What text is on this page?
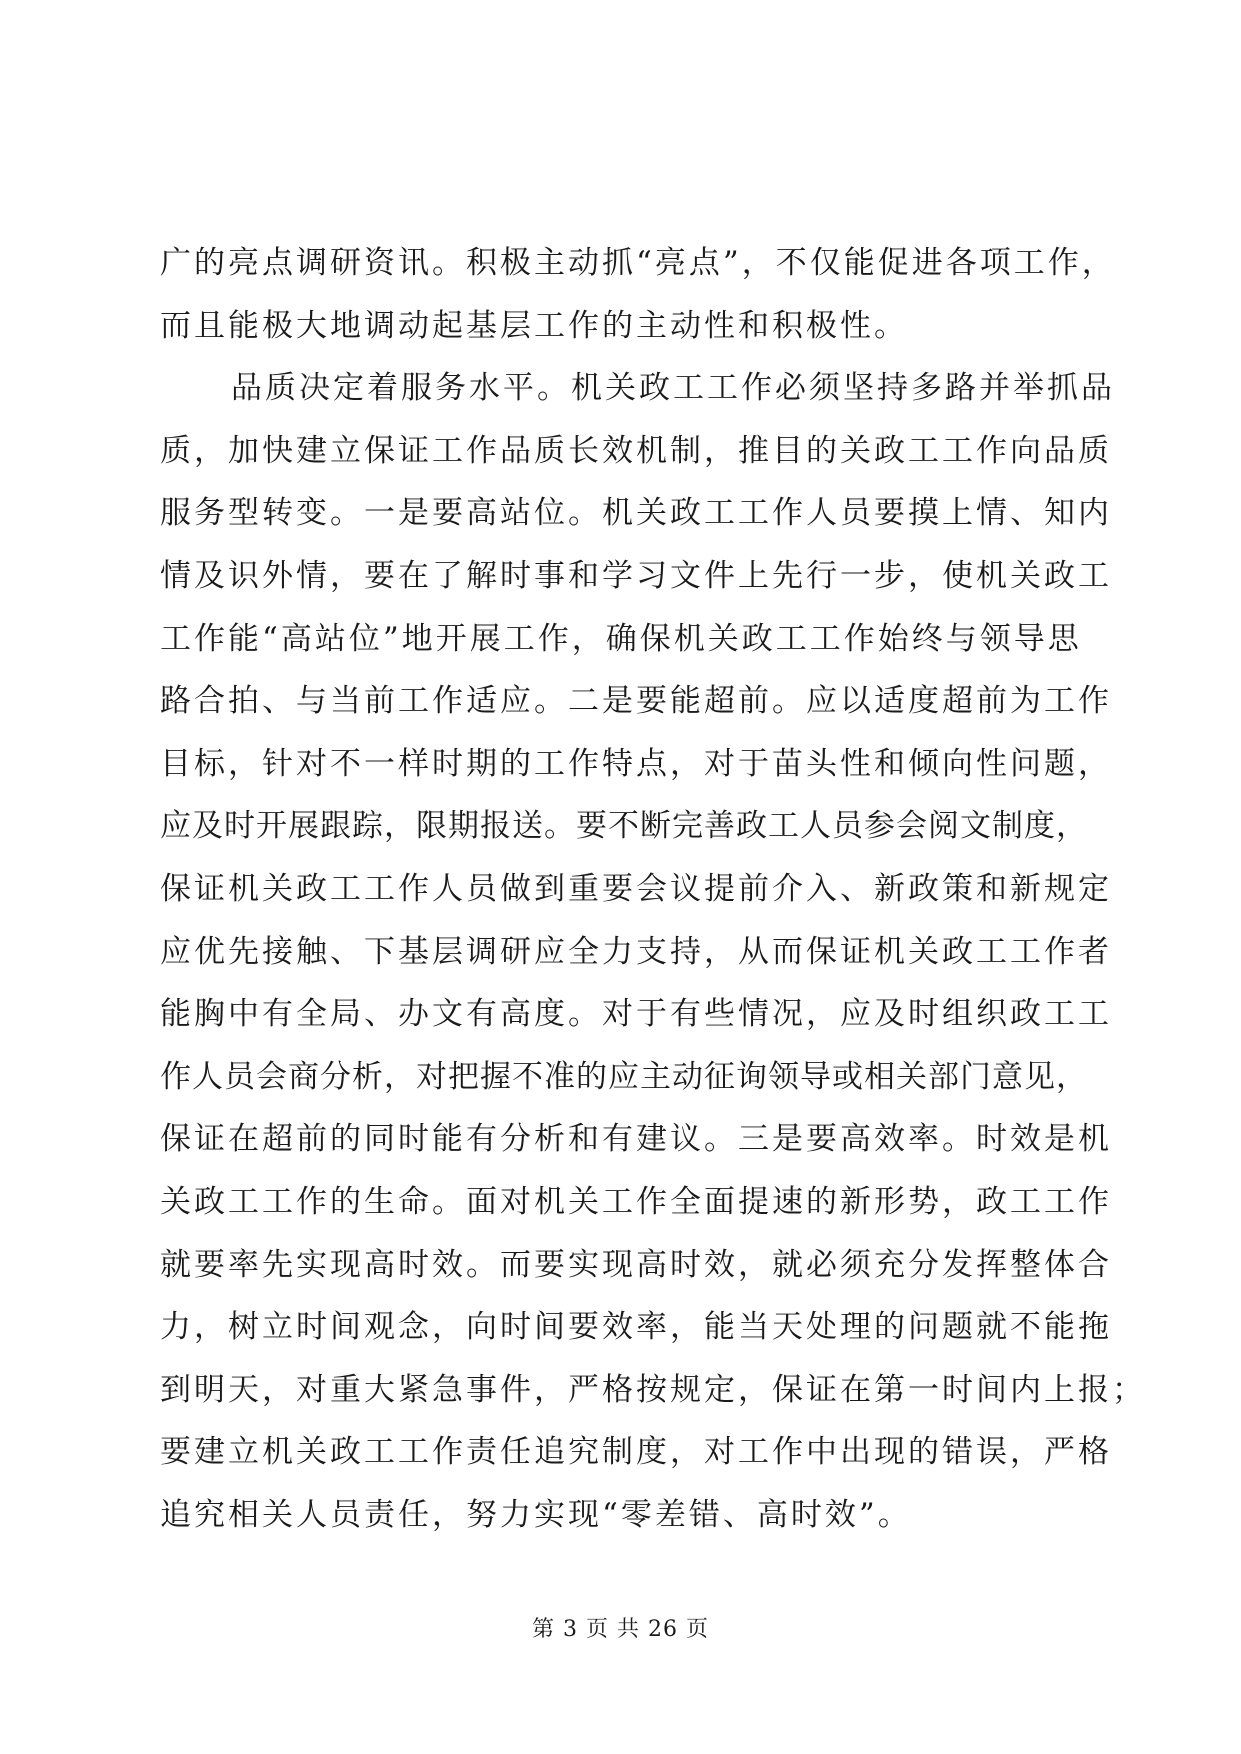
广的亮点调研资讯。积极主动抓“亮点”，不仅能促进各项工作，
而且能极大地调动起基层工作的主动性和积极性。
品质决定着服务水平。机关政工工作必须坚持多路并举抓品
质，加快建立保证工作品质长效机制，推目的关政工工作向品质
服务型转变。一是要高站位。机关政工工作人员要摸上情、知内
情及识外情，要在了解时事和学习文件上先行一步，使机关政工
工作能“高站位”地开展工作，确保机关政工工作始终与领导思
路合拍、与当前工作适应。二是要能超前。应以适度超前为工作
目标，针对不一样时期的工作特点，对于苗头性和倾向性问题，
应及时开展跟踪，限期报送。要不断完善政工人员参会阅文制度，
保证机关政工工作人员做到重要会议提前介入、新政策和新规定
应优先接触、下基层调研应全力支持，从而保证机关政工工作者
能胸中有全局、办文有高度。对于有些情况，应及时组织政工工
作人员会商分析，对把握不准的应主动征询领导或相关部门意见，
保证在超前的同时能有分析和有建议。三是要高效率。时效是机
关政工工作的生命。面对机关工作全面提速的新形势，政工工作
就要率先实现高时效。而要实现高时效，就必须充分发挥整体合
力，树立时间观念，向时间要效率，能当天处理的问题就不能拖
到明天，对重大紧急事件，严格按规定，保证在第一时间内上报；
要建立机关政工工作责任追究制度，对工作中出现的错误，严格
追究相关人员责任，努力实现“零差错、高时效”。
第 3 页 共 26 页
